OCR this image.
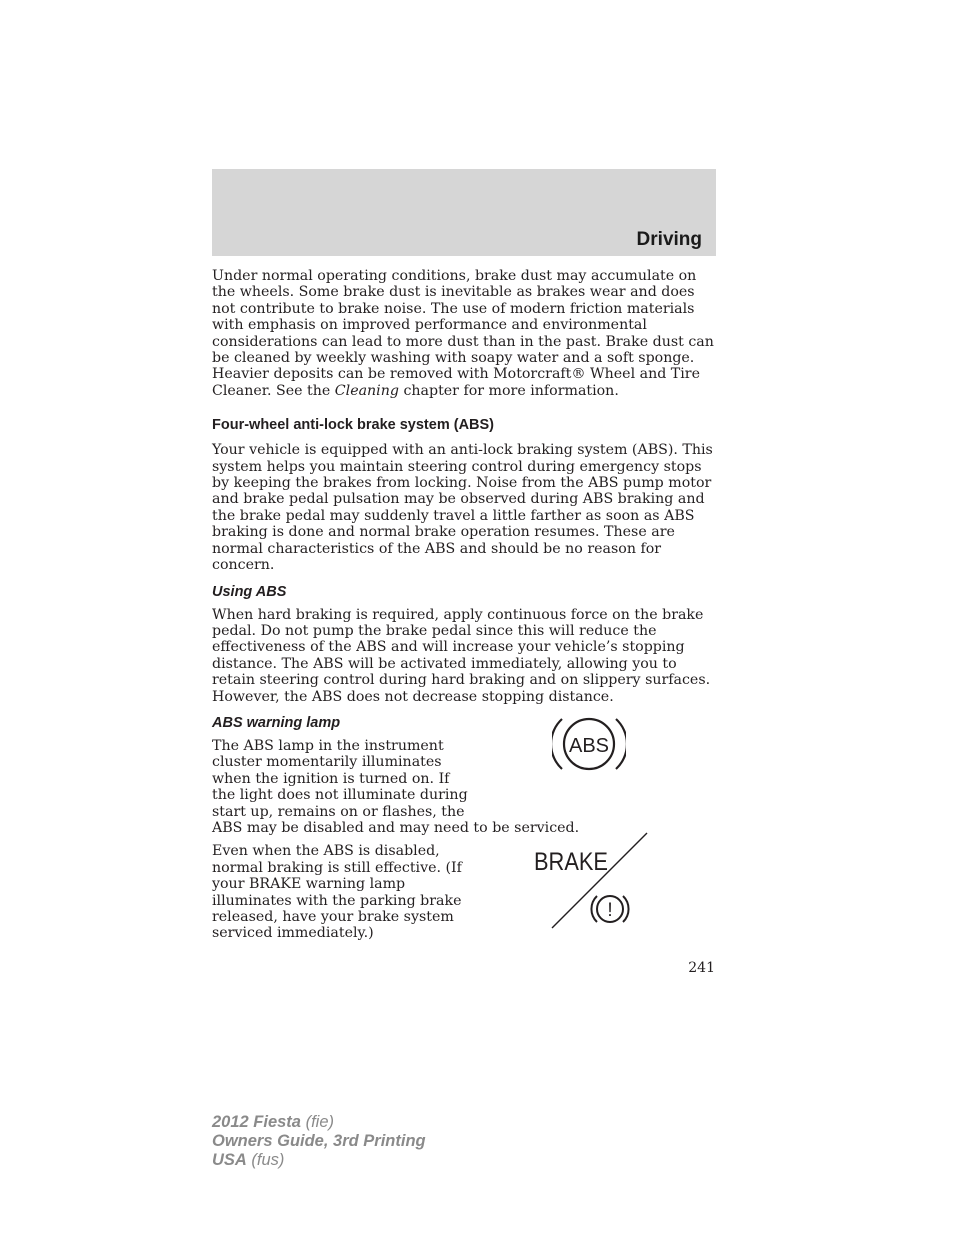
Driving

Under normal operating conditions, brake dust may accumulate on the wheels. Some brake dust is inevitable as brakes wear and does not contribute to brake noise. The use of modern friction materials with emphasis on improved performance and environmental considerations can lead to more dust than in the past. Brake dust can be cleaned by weekly washing with soapy water and a soft sponge. Heavier deposits can be removed with Motorcraft® Wheel and Tire Cleaner. See the Cleaning chapter for more information.

Four-wheel anti-lock brake system (ABS)

Your vehicle is equipped with an anti-lock braking system (ABS). This system helps you maintain steering control during emergency stops by keeping the brakes from locking. Noise from the ABS pump motor and brake pedal pulsation may be observed during ABS braking and the brake pedal may suddenly travel a little farther as soon as ABS braking is done and normal brake operation resumes. These are normal characteristics of the ABS and should be no reason for concern.

Using ABS

When hard braking is required, apply continuous force on the brake pedal. Do not pump the brake pedal since this will reduce the effectiveness of the ABS and will increase your vehicle’s stopping distance. The ABS will be activated immediately, allowing you to retain steering control during hard braking and on slippery surfaces. However, the ABS does not decrease stopping distance.

ABS warning lamp

The ABS lamp in the instrument
cluster momentarily illuminates
when the ignition is turned on. If
the light does not illuminate during
start up, remains on or flashes, the
ABS may be disabled and may need to be serviced.

Even when the ABS is disabled, normal braking is still effective. (If your BRAKE warning lamp illuminates with the parking brake released, have your brake system serviced immediately.)

ABS
BRAKE
!
241
2012 Fiesta (fie)
Owners Guide, 3rd Printing
USA (fus)
